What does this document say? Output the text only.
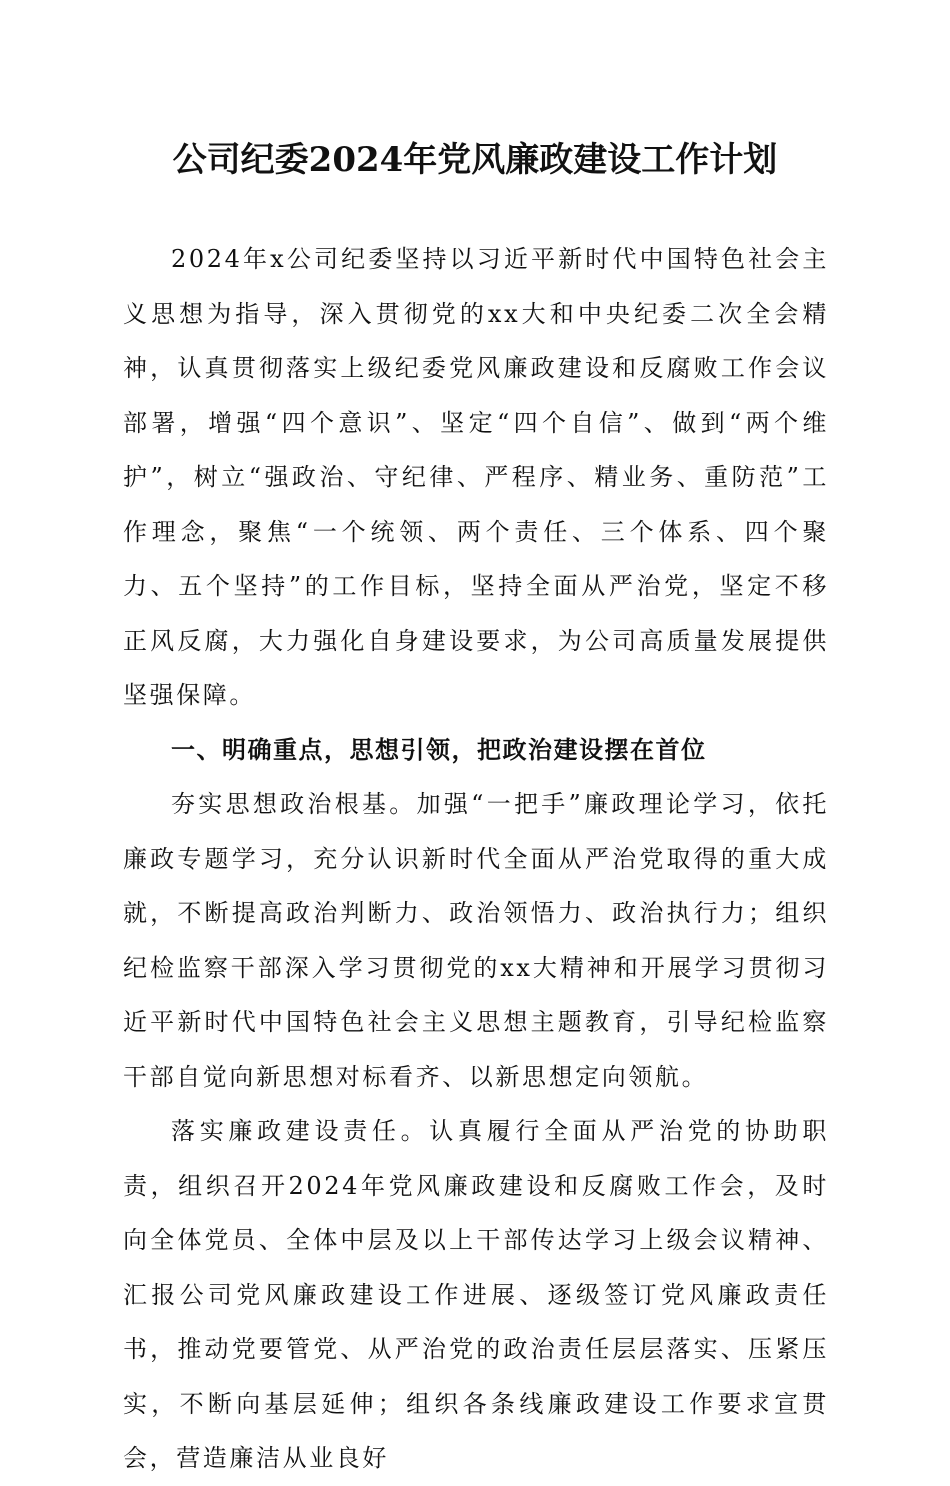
公司纪委2024年党风廉政建设工作计划

2024年x公司纪委坚持以习近平新时代中国特色社会主义思想为指导，深入贯彻党的xx大和中央纪委二次全会精神，认真贯彻落实上级纪委党风廉政建设和反腐败工作会议部署，增强“四个意识”、坚定“四个自信”、做到“两个维护”，树立“强政治、守纪律、严程序、精业务、重防范”工作理念，聚焦“一个统领、两个责任、三个体系、四个聚力、五个坚持”的工作目标，坚持全面从严治党，坚定不移正风反腐，大力强化自身建设要求，为公司高质量发展提供坚强保障。

一、明确重点，思想引领，把政治建设摆在首位

夯实思想政治根基。加强“一把手”廉政理论学习，依托廉政专题学习，充分认识新时代全面从严治党取得的重大成就，不断提高政治判断力、政治领悟力、政治执行力；组织纪检监察干部深入学习贯彻党的xx大精神和开展学习贯彻习近平新时代中国特色社会主义思想主题教育，引导纪检监察干部自觉向新思想对标看齐、以新思想定向领航。

落实廉政建设责任。认真履行全面从严治党的协助职责，组织召开2024年党风廉政建设和反腐败工作会，及时向全体党员、全体中层及以上干部传达学习上级会议精神、汇报公司党风廉政建设工作进展、逐级签订党风廉政责任书，推动党要管党、从严治党的政治责任层层落实、压紧压实，不断向基层延伸；组织各条线廉政建设工作要求宣贯会，营造廉洁从业良好
